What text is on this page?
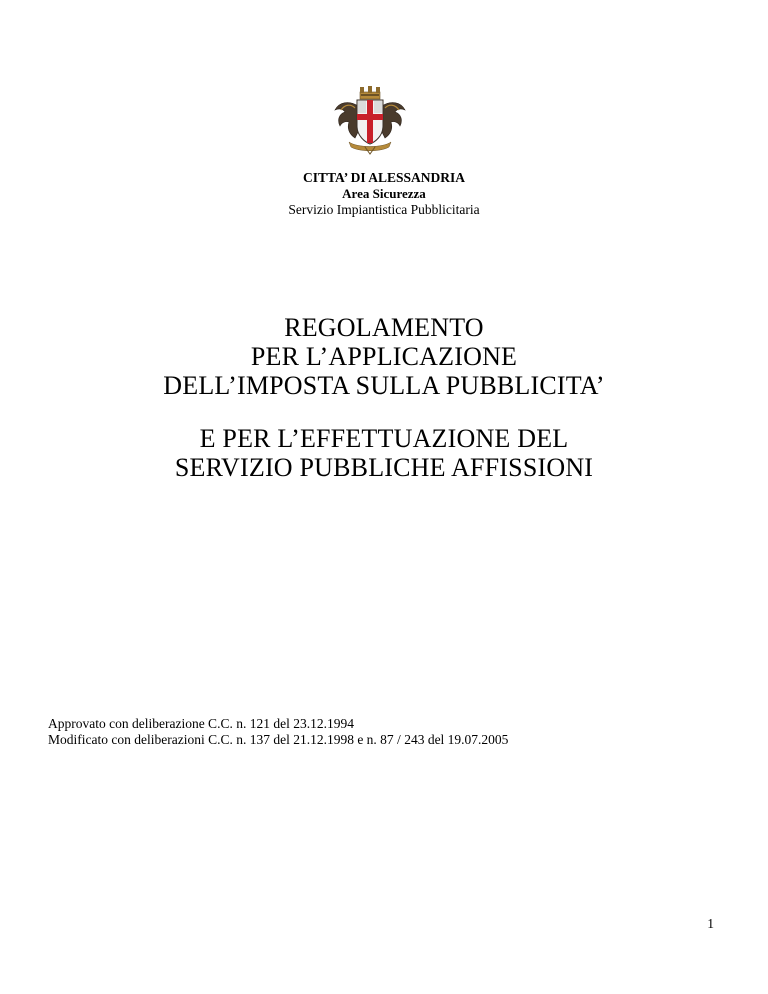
CITTA’ DI ALESSANDRIA
Area Sicurezza
Servizio Impiantistica Pubblicitaria
REGOLAMENTO
PER L’APPLICAZIONE
DELL’IMPOSTA SULLA PUBBLICITA’
E PER L’EFFETTUAZIONE DEL
SERVIZIO PUBBLICHE AFFISSIONI
Approvato con deliberazione C.C. n. 121 del 23.12.1994
Modificato con deliberazioni C.C. n. 137 del 21.12.1998 e n. 87 / 243 del 19.07.2005
1
